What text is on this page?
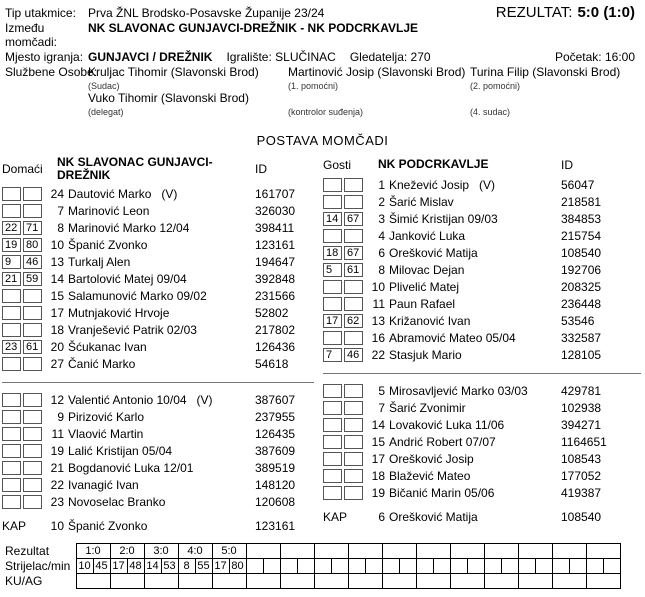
REZULTAT: 5:0 (1:0)
Tip utakmice:	Prva ŽNL Brodsko-Posavske Županije 23/24
Između momčadi:
NK SLAVONAC GUNJAVCI-DREŽNIK - NK PODCRKAVLJE
Mjesto igranja: GUNJAVCI / DREŽNIK Igralište: SLUČINAC Gledatelja: 270	Početak: 16:00
Službene Osobe:
Kruljac Tihomir (Slavonski Brod) Martinović Josip (Slavonski Brod) Turina Filip (Slavonski Brod)
(Sudac)	(1. pomoćni)	(2. pomoćni)
Vuko Tihomir (Slavonski Brod)
(delegat)	(kontrolor suđenja)	(4. sudac)
POSTAVA MOMČADI
Domaći	NK SLAVONAC GUNJAVCI-DREŽNIK	ID
24 Dautović Marko (V)	161707
7 Marinović Leon	326030
22 71	8 Marinović Marko 12/04	398411
19 80	10 Španić Zvonko	123161
9	46	13 Turkalj Alen	194647
21 59	14 Bartolović Matej 09/04	392848
15 Salamunović Marko 09/02	231566
17 Mutnjaković Hrvoje	52802
18 Vranješević Patrik 02/03	217802
23 61	20 Šćukanac Ivan	126436
27 Čanić Marko	54618
12 Valentić Antonio 10/04 (V)	387607
9 Pirizović Karlo	237955
11 Vlaović Martin	126435
19 Lalić Kristijan 05/04	387609
21 Bogdanović Luka 12/01	389519
22 Ivanagić Ivan	148120
23 Novoselac Branko	120608
KAP	10 Španić Zvonko	123161
Gosti	NK PODCRKAVLJE	ID
1 Knežević Josip (V)	56047
2 Šarić Mislav	218581
14 67	3 Šimić Kristijan 09/03	384853
4 Janković Luka	215754
18 67	6 Orešković Matija	108540
5	61	8 Milovac Dejan	192706
10 Plivelić Matej	208325
11 Paun Rafael	236448
17 62	13 Križanović Ivan	53546
16 Abramović Mateo 05/04	332587
7	46	22 Stasjuk Mario	128105
5 Mirosavljević Marko 03/03	429781
7 Šarić Zvonimir	102938
14 Lovaković Luka 11/06	394271
15 Andrić Robert 07/07	1164651
17 Orešković Josip	108543
18 Blažević Mateo	177052
19 Bičanić Marin 05/06	419387
KAP	6 Orešković Matija	108540
Rezultat	1:0		2:0		3:0		4:0		5:0																							
Strijelac/min	10	45	17	48	14	53	8	55	17	80																						
KU/AG																																
